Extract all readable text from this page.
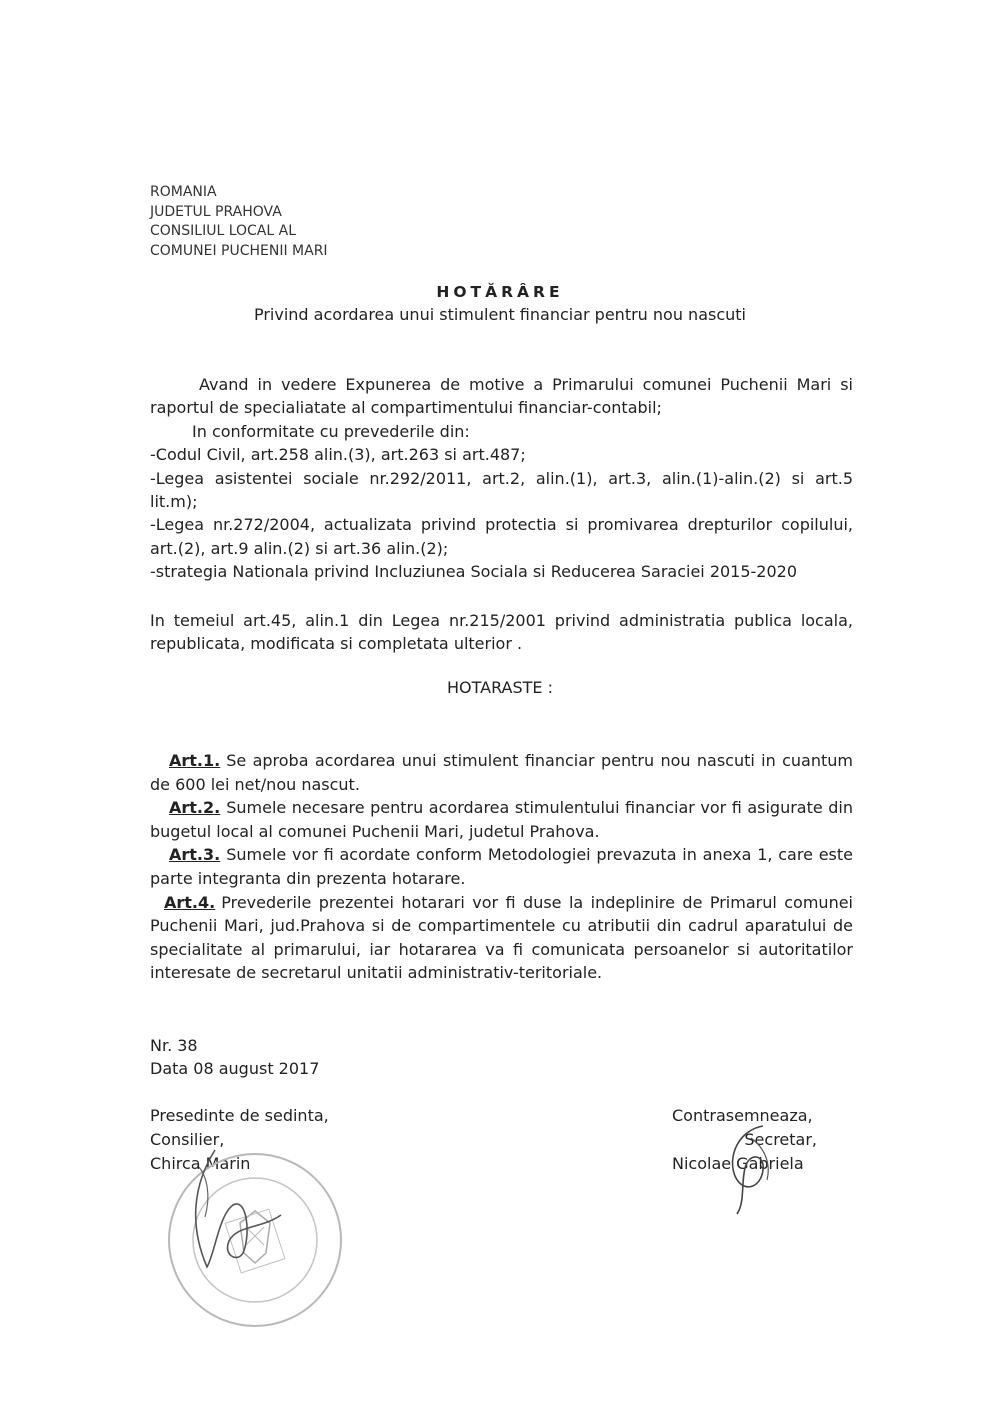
ROMANIA
JUDETUL PRAHOVA
CONSILIUL LOCAL AL
COMUNEI PUCHENII MARI
HOTĂRÂRE
Privind acordarea unui stimulent financiar pentru nou nascuti

Avand in vedere Expunerea de motive a Primarului comunei Puchenii Mari si raportul de specialiatate al compartimentului financiar-contabil;

In conformitate cu prevederile din:

-Codul Civil, art.258 alin.(3), art.263 si art.487;

-Legea asistentei sociale nr.292/2011, art.2, alin.(1), art.3, alin.(1)-alin.(2) si art.5 lit.m);

-Legea nr.272/2004, actualizata privind protectia si promivarea drepturilor copilului, art.(2), art.9 alin.(2) si art.36 alin.(2);

-strategia Nationala privind Incluziunea Sociala si Reducerea Saraciei 2015-2020

In temeiul art.45, alin.1 din Legea nr.215/2001 privind administratia publica locala, republicata, modificata si completata ulterior .

HOTARASTE :

Art.1. Se aproba acordarea unui stimulent financiar pentru nou nascuti in cuantum de 600 lei net/nou nascut.

Art.2. Sumele necesare pentru acordarea stimulentului financiar vor fi asigurate din bugetul local al comunei Puchenii Mari, judetul Prahova.

Art.3. Sumele vor fi acordate conform Metodologiei prevazuta in anexa 1, care este parte integranta din prezenta hotarare.

Art.4. Prevederile prezentei hotarari vor fi duse la indeplinire de Primarul comunei Puchenii Mari, jud.Prahova si de compartimentele cu atributii din cadrul aparatului de specialitate al primarului, iar hotararea va fi comunicata persoanelor si autoritatilor interesate de secretarul unitatii administrativ-teritoriale.

Nr. 38
Data 08 august 2017
Presedinte de sedinta,
Consilier,
Chirca Marin
Contrasemneaza,
Secretar,
Nicolae Gabriela
